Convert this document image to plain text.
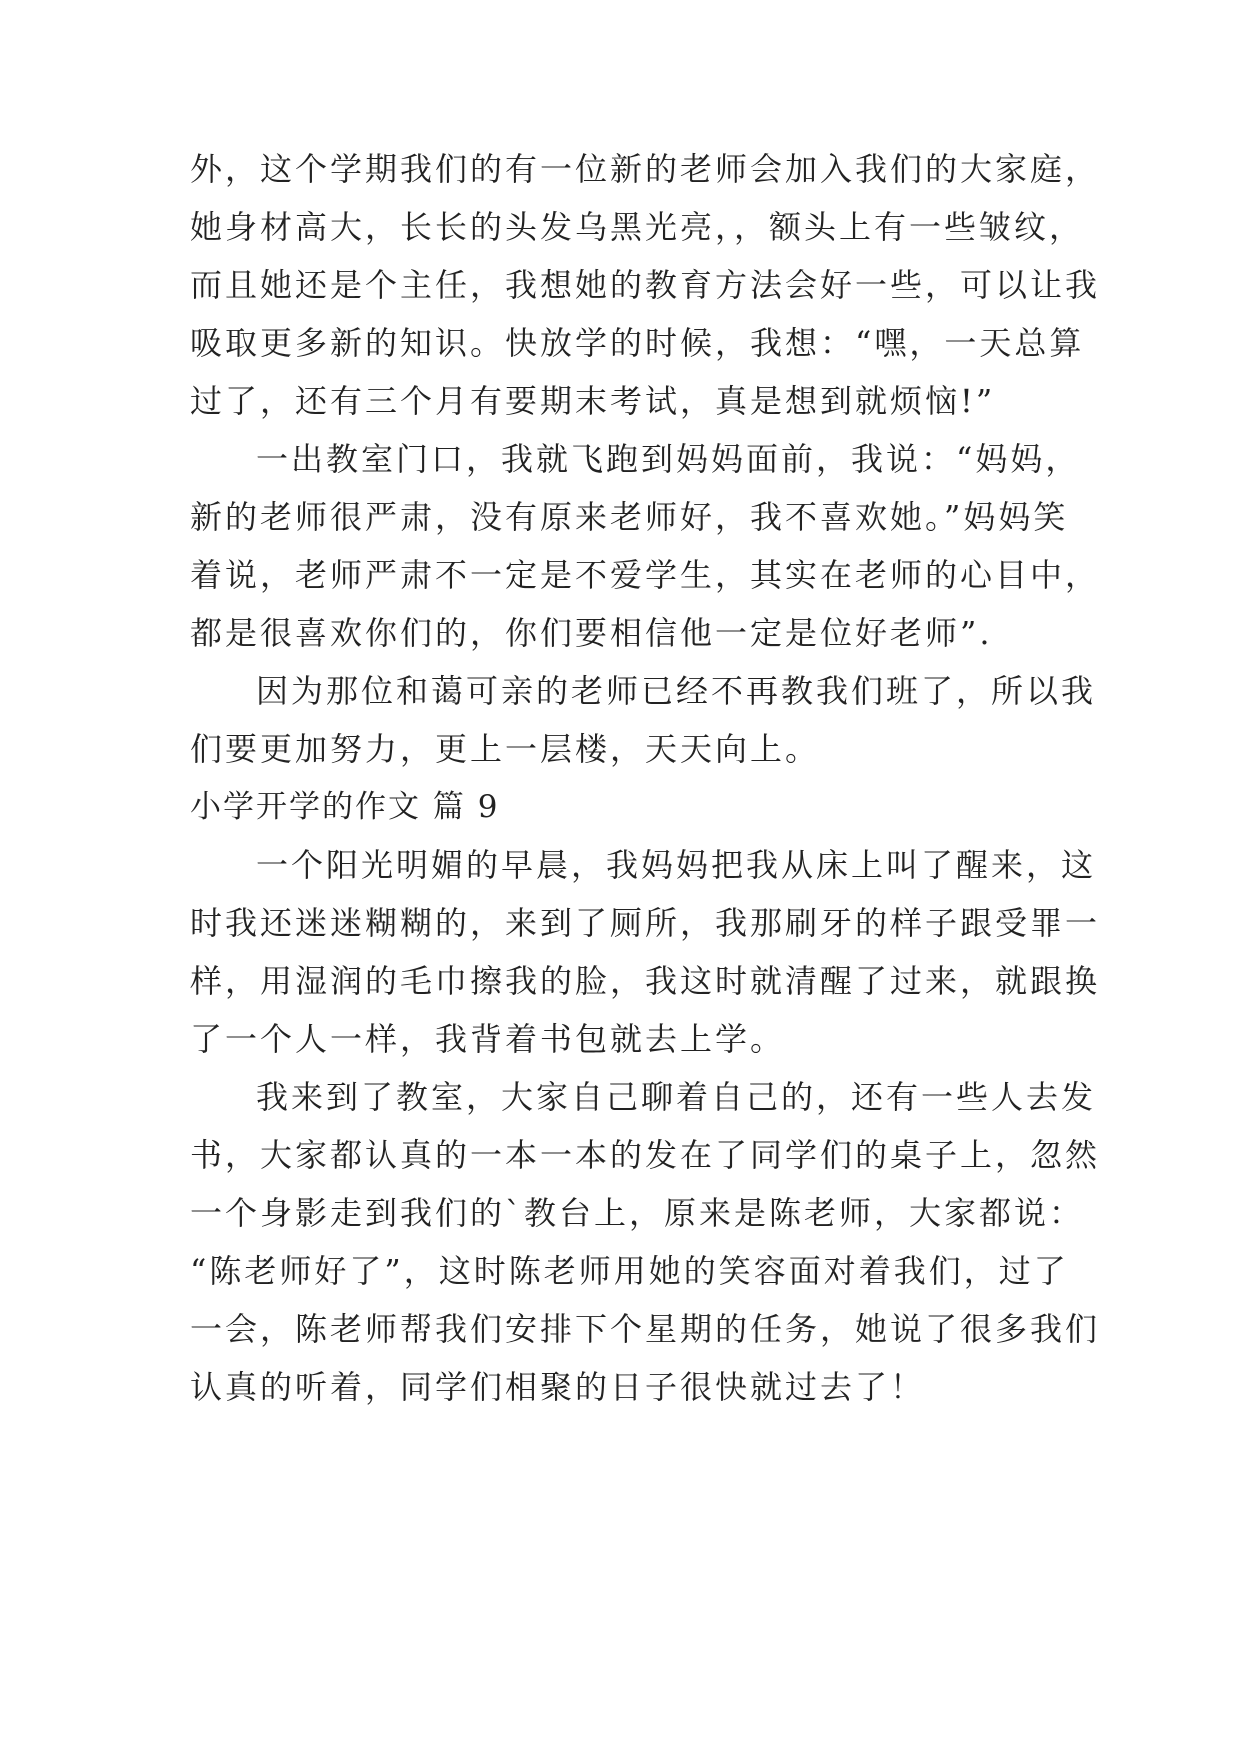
外，这个学期我们的有一位新的老师会加入我们的大家庭，
她身材高大，长长的头发乌黑光亮，，额头上有一些皱纹，
而且她还是个主任，我想她的教育方法会好一些，可以让我
吸取更多新的知识。快放学的时候，我想：“嘿，一天总算
过了，还有三个月有要期末考试，真是想到就烦恼!”
一出教室门口，我就飞跑到妈妈面前，我说：“妈妈，
新的老师很严肃，没有原来老师好，我不喜欢她。”妈妈笑
着说，老师严肃不一定是不爱学生，其实在老师的心目中，
都是很喜欢你们的，你们要相信他一定是位好老师”.
因为那位和蔼可亲的老师已经不再教我们班了，所以我
们要更加努力，更上一层楼，天天向上。
小学开学的作文 篇 9
一个阳光明媚的早晨，我妈妈把我从床上叫了醒来，这
时我还迷迷糊糊的，来到了厕所，我那刷牙的样子跟受罪一
样，用湿润的毛巾擦我的脸，我这时就清醒了过来，就跟换
了一个人一样，我背着书包就去上学。
我来到了教室，大家自己聊着自己的，还有一些人去发
书，大家都认真的一本一本的发在了同学们的桌子上，忽然
一个身影走到我们的`教台上，原来是陈老师，大家都说：
“陈老师好了”，这时陈老师用她的笑容面对着我们，过了
一会，陈老师帮我们安排下个星期的任务，她说了很多我们
认真的听着，同学们相聚的日子很快就过去了！
